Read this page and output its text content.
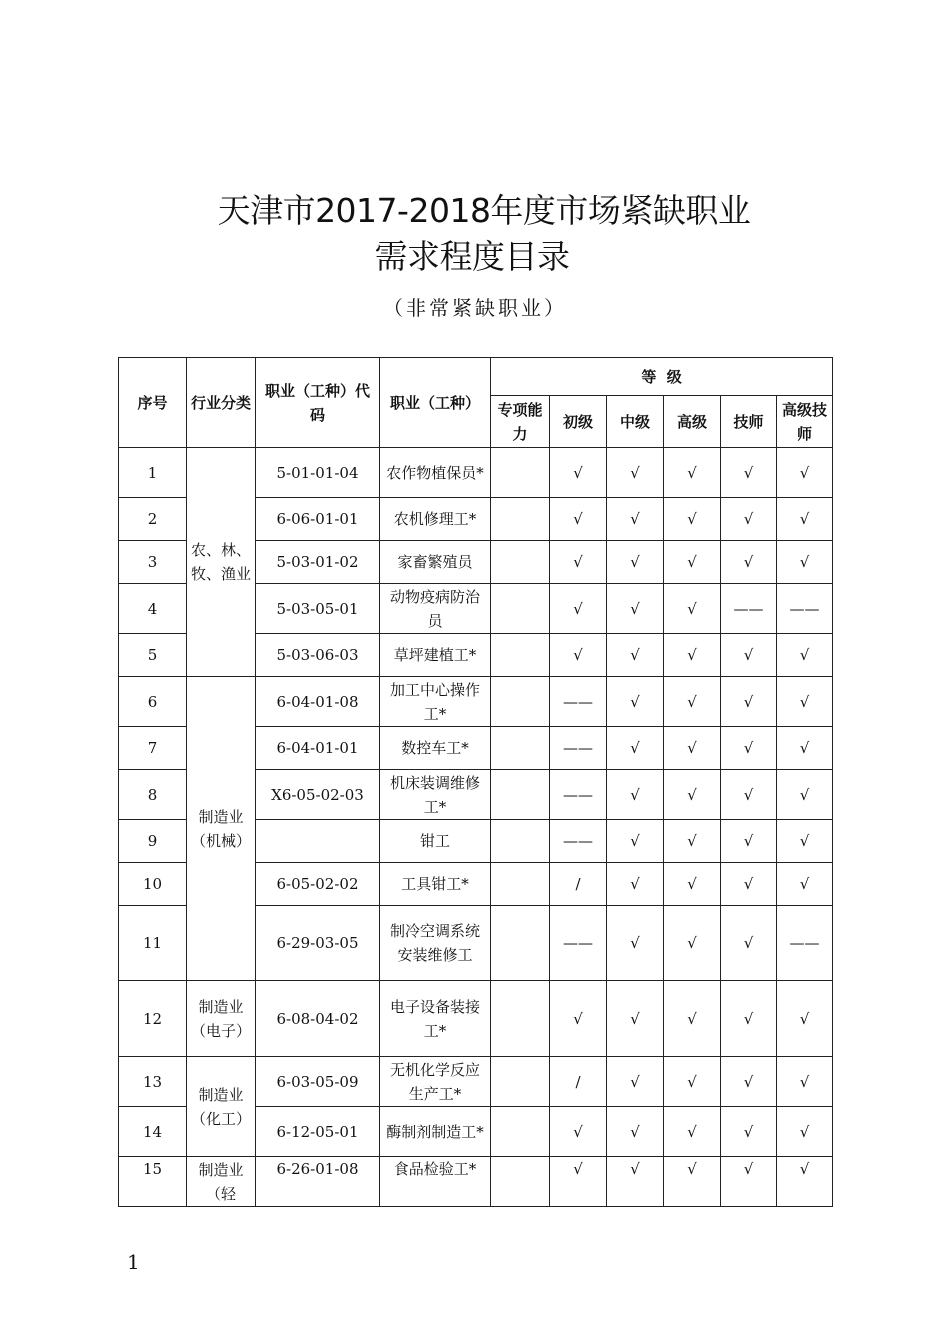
天津市2017-2018年度市场紧缺职业
需求程度目录
（非常紧缺职业）
序号	行业分类	职业（工种）代码	职业（工种）	等  级					
				专项能力	初级	中级	高级	技师	高级技师
1	农、林、牧、渔业	5-01-01-04	农作物植保员*		√	√	√	√	√
2		6-06-01-01	农机修理工*		√	√	√	√	√
3		5-03-01-02	家畜繁殖员		√	√	√	√	√
4		5-03-05-01	动物疫病防治员		√	√	√	——	——
5		5-03-06-03	草坪建植工*		√	√	√	√	√
6	制造业（机械）	6-04-01-08	加工中心操作工*		——	√	√	√	√
7		6-04-01-01	数控车工*		——	√	√	√	√
8		X6-05-02-03	机床装调维修工*		——	√	√	√	√
9			钳工		——	√	√	√	√
10		6-05-02-02	工具钳工*		/	√	√	√	√
11		6-29-03-05	制冷空调系统安装维修工		——	√	√	√	——
12	制造业（电子）	6-08-04-02	电子设备装接工*		√	√	√	√	√
13	制造业（化工）	6-03-05-09	无机化学反应生产工*		/	√	√	√	√
14		6-12-05-01	酶制剂制造工*		√	√	√	√	√
15	制造业（轻	6-26-01-08	食品检验工*		√	√	√	√	√
1
